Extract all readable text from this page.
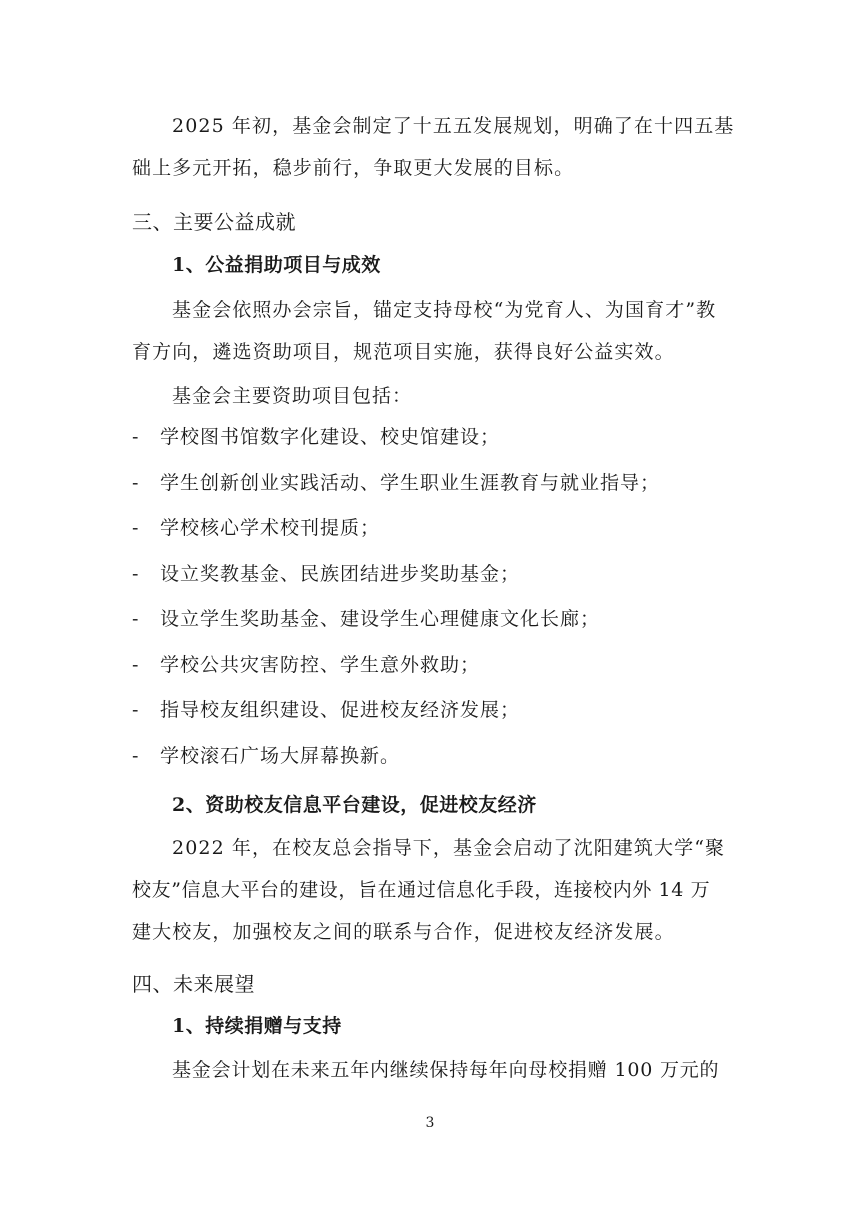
2025 年初，基金会制定了十五五发展规划，明确了在十四五基
础上多元开拓，稳步前行，争取更大发展的目标。
三、主要公益成就
1、公益捐助项目与成效
基金会依照办会宗旨，锚定支持母校“为党育人、为国育才”教
育方向，遴选资助项目，规范项目实施，获得良好公益实效。
基金会主要资助项目包括：
- 学校图书馆数字化建设、校史馆建设；
- 学生创新创业实践活动、学生职业生涯教育与就业指导；
- 学校核心学术校刊提质；
- 设立奖教基金、民族团结进步奖助基金；
- 设立学生奖助基金、建设学生心理健康文化长廊；
- 学校公共灾害防控、学生意外救助；
- 指导校友组织建设、促进校友经济发展；
- 学校滚石广场大屏幕换新。
2、资助校友信息平台建设，促进校友经济
2022 年，在校友总会指导下，基金会启动了沈阳建筑大学“聚
校友”信息大平台的建设，旨在通过信息化手段，连接校内外 14 万
建大校友，加强校友之间的联系与合作，促进校友经济发展。
四、未来展望
1、持续捐赠与支持
基金会计划在未来五年内继续保持每年向母校捐赠 100 万元的
3
